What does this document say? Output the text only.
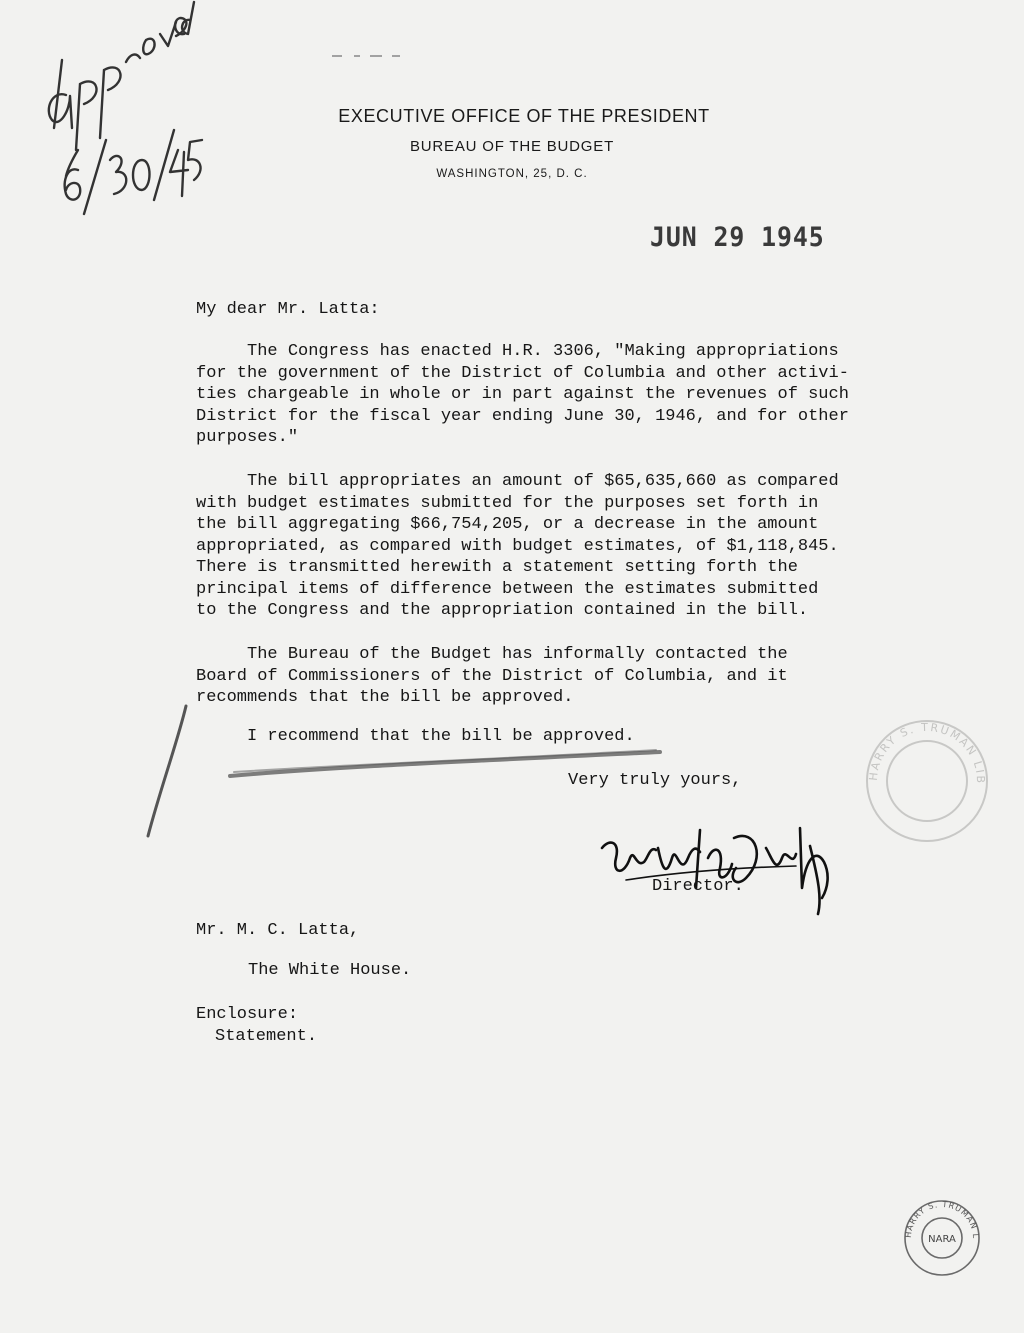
EXECUTIVE OFFICE OF THE PRESIDENT
BUREAU OF THE BUDGET
WASHINGTON, 25, D. C.
JUN 29 1945
My dear Mr. Latta:
The Congress has enacted H.R. 3306, "Making appropriations
for the government of the District of Columbia and other activi-
ties chargeable in whole or in part against the revenues of such
District for the fiscal year ending June 30, 1946, and for other
purposes."
The bill appropriates an amount of $65,635,660 as compared
with budget estimates submitted for the purposes set forth in
the bill aggregating $66,754,205, or a decrease in the amount
appropriated, as compared with budget estimates, of $1,118,845.
There is transmitted herewith a statement setting forth the
principal items of difference between the estimates submitted
to the Congress and the appropriation contained in the bill.
The Bureau of the Budget has informally contacted the
Board of Commissioners of the District of Columbia, and it
recommends that the bill be approved.
I recommend that the bill be approved.
Very truly yours,
Director.
HARRY S. TRUMAN LIB
Mr. M. C. Latta,
The White House.
Enclosure:
Statement.
HARRY S. TRUMAN L
NARA
